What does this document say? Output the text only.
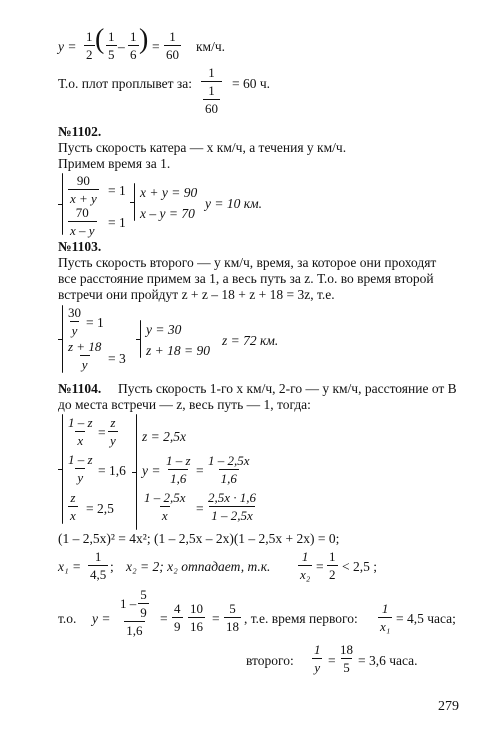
y =
1
2 ( 1
5
–
1
6 ) =
1
60
км/ч.
Т.о. плот проплывет за:
1
$\frac{1}{60}$
= 60 ч.
№1102.
Пусть скорость катера — x км/ч, а течения y км/ч.
Примем время за 1.
90
x + y
= 1
70
x – y
= 1
x + y = 90
x – y = 70
y = 10 км.
№1103.
Пусть скорость второго — y км/ч, время, за которое они проходят
все расстояние примем за 1, а весь путь за z. Т.о. во время второй
встречи они пройдут z + z – 18 + z + 18 = 3z, т.е.
30
y
= 1
z + 18
y = 3
y = 30
z + 18 = 90
z = 72 км.
№1104. Пусть скорость 1-го x км/ч, 2-го — y км/ч, расстояние от B
до места встречи — z, весь путь — 1, тогда:
1 – z
x
=
z
y
1 – z
y = 1,6
z
x = 2,5
z = 2,5x
y =
1 – z
1,6
=
1 – 2,5x
1,6
1 – 2,5x
x =
2,5x · 1,6
1 – 2,5x
(1 – 2,5x)² = 4x²; (1 – 2,5x – 2x)(1 – 2,5x + 2x) = 0;
x₁ =
1
4,5
; x₂ = 2; x₂ отпадает, т.к.
1
x₂
=
1
2
< 2,5 ;
т.о. y =
1 –
5
9
1,6
=
4
9
10
16
=
5
18
, т.е. время первого:
1
x₁
= 4,5 часа;
второго:
1
y =
18
5 = 3,6 часа.
279
